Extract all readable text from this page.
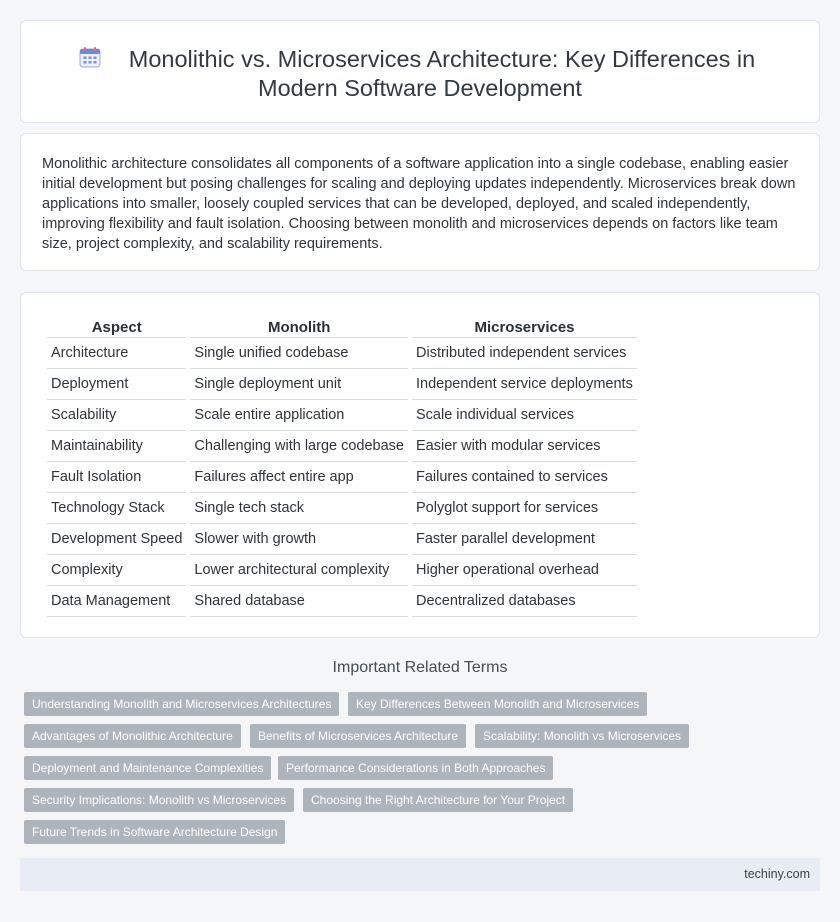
Monolithic vs. Microservices Architecture: Key Differences in
Modern Software Development

Monolithic architecture consolidates all components of a software application into a single codebase, enabling easier initial development but posing challenges for scaling and deploying updates independently. Microservices break down applications into smaller, loosely coupled services that can be developed, deployed, and scaled independently, improving flexibility and fault isolation. Choosing between monolith and microservices depends on factors like team size, project complexity, and scalability requirements.

Aspect	Monolith	Microservices
Architecture	Single unified codebase	Distributed independent services
Deployment	Single deployment unit	Independent service deployments
Scalability	Scale entire application	Scale individual services
Maintainability	Challenging with large codebase	Easier with modular services
Fault Isolation	Failures affect entire app	Failures contained to services
Technology Stack	Single tech stack	Polyglot support for services
Development Speed	Slower with growth	Faster parallel development
Complexity	Lower architectural complexity	Higher operational overhead
Data Management	Shared database	Decentralized databases
Important Related Terms
Understanding Monolith and Microservices Architectures	Key Differences Between Monolith and Microservices
Advantages of Monolithic Architecture	Benefits of Microservices Architecture	Scalability: Monolith vs Microservices
Deployment and Maintenance Complexities	Performance Considerations in Both Approaches
Security Implications: Monolith vs Microservices	Choosing the Right Architecture for Your Project
Future Trends in Software Architecture Design
techiny.com
